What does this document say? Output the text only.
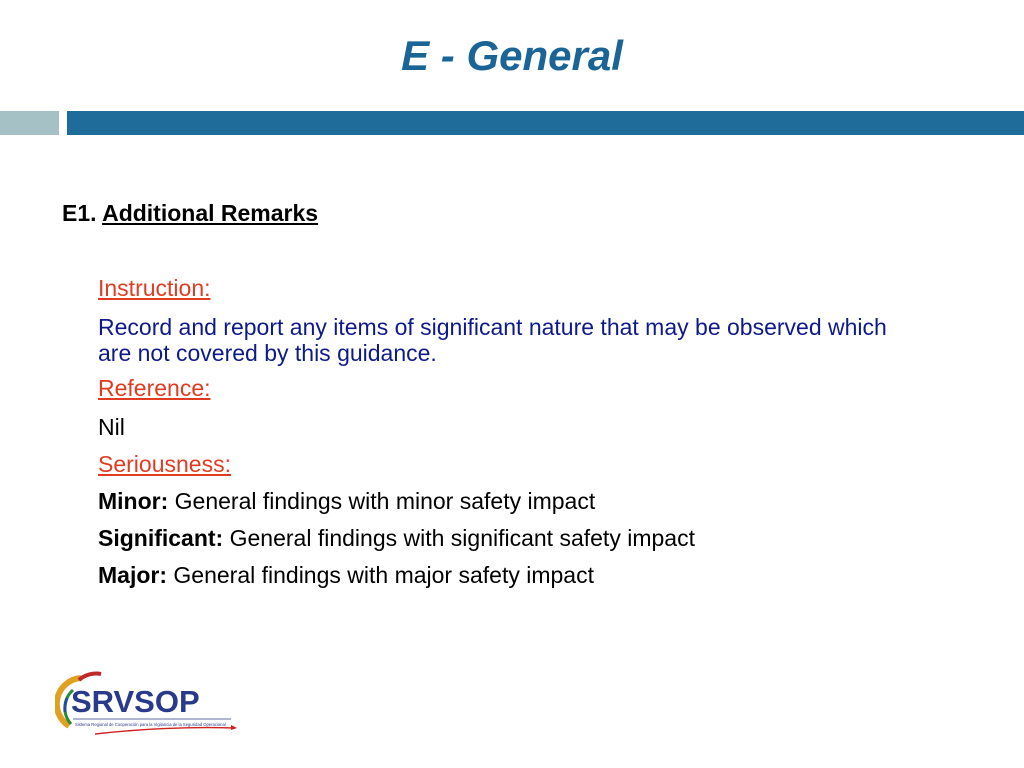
E - General
E1. Additional Remarks
Instruction:
Record and report any items of significant nature that may be observed which are not covered by this guidance.
Reference:
Nil
Seriousness:
Minor: General findings with minor safety impact
Significant: General findings with significant safety impact
Major: General findings with major safety impact
SRVSOP
Sistema Regional de Cooperación para la Vigilancia de la Seguridad Operacional
